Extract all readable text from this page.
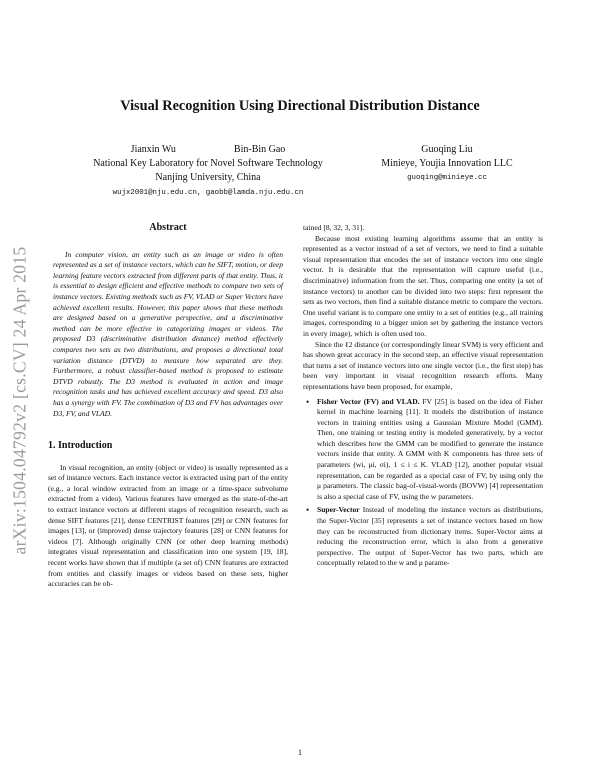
arXiv:1504.04792v2 [cs.CV] 24 Apr 2015
Visual Recognition Using Directional Distribution Distance
Jianxin Wu	Bin-Bin Gao
National Key Laboratory for Novel Software Technology
Nanjing University, China
wujx2001@nju.edu.cn, gaobb@lamda.nju.edu.cn
Guoqing Liu
Minieye, Youjia Innovation LLC
guoqing@minieye.cc
Abstract

In computer vision, an entity such as an image or video is often represented as a set of instance vectors, which can be SIFT, motion, or deep learning feature vectors extracted from different parts of that entity. Thus, it is essential to design efficient and effective methods to compare two sets of instance vectors. Existing methods such as FV, VLAD or Super Vectors have achieved excellent results. However, this paper shows that these methods are designed based on a generative perspective, and a discriminative method can be more effective in categorizing images or videos. The proposed D3 (discriminative distribution distance) method effectively compares two sets as two distributions, and proposes a directional total variation distance (DTVD) to measure how separated are they. Furthermore, a robust classifier-based method is proposed to estimate DTVD robustly. The D3 method is evaluated in action and image recognition tasks and has achieved excellent accuracy and speed. D3 also has a synergy with FV. The combination of D3 and FV has advantages over D3, FV, and VLAD.

1. Introduction

In visual recognition, an entity (object or video) is usually represented as a set of instance vectors. Each instance vector is extracted using part of the entity (e.g., a local window extracted from an image or a time-space subvolume extracted from a video). Various features have emerged as the state-of-the-art to extract instance vectors at different stages of recognition research, such as dense SIFT features [21], dense CENTRIST features [29] or CNN features for images [13], or (improved) dense trajectory features [28] or CNN features for videos [7]. Although originally CNN (or other deep learning methods) integrates visual representation and classification into one system [19, 18], recent works have shown that if multiple (a set of) CNN features are extracted from entities and classify images or videos based on these sets, higher accuracies can be ob-

tained [8, 32, 3, 31].

Because most existing learning algorithms assume that an entity is represented as a vector instead of a set of vectors, we need to find a suitable visual representation that encodes the set of instance vectors into one single vector. It is desirable that the representation will capture useful (i.e., discriminative) information from the set. Thus, comparing one entity (a set of instance vectors) to another can be divided into two steps: first represent the sets as two vectors, then find a suitable distance metric to compare the vectors. One useful variant is to compare one entity to a set of entities (e.g., all training images, corresponding to a bigger union set by gathering the instance vectors in every image), which is often used too.

Since the ℓ2 distance (or correspondingly linear SVM) is very efficient and has shown great accuracy in the second step, an effective visual representation that turns a set of instance vectors into one single vector (i.e., the first step) has been very important in visual recognition research efforts. Many representations have been proposed, for example,

• Fisher Vector (FV) and VLAD. FV [25] is based on the idea of Fisher kernel in machine learning [11]. It models the distribution of instance vectors in training entities using a Gaussian Mixture Model (GMM). Then, one training or testing entity is modeled generatively, by a vector which describes how the GMM can be modified to generate the instance vectors inside that entity. A GMM with K components has three sets of parameters (wi, μi, σi), 1 ≤ i ≤ K. VLAD [12], another popular visual representation, can be regarded as a special case of FV, by using only the μ parameters. The classic bag-of-visual-words (BOVW) [4] representation is also a special case of FV, using the w parameters.
• Super-Vector Instead of modeling the instance vectors as distributions, the Super-Vector [35] represents a set of instance vectors based on how they can be reconstructed from dictionary items. Super-Vector aims at reducing the reconstruction error, which is also from a generative perspective. The output of Super-Vector has two parts, which are conceptually related to the w and μ parame-
1
